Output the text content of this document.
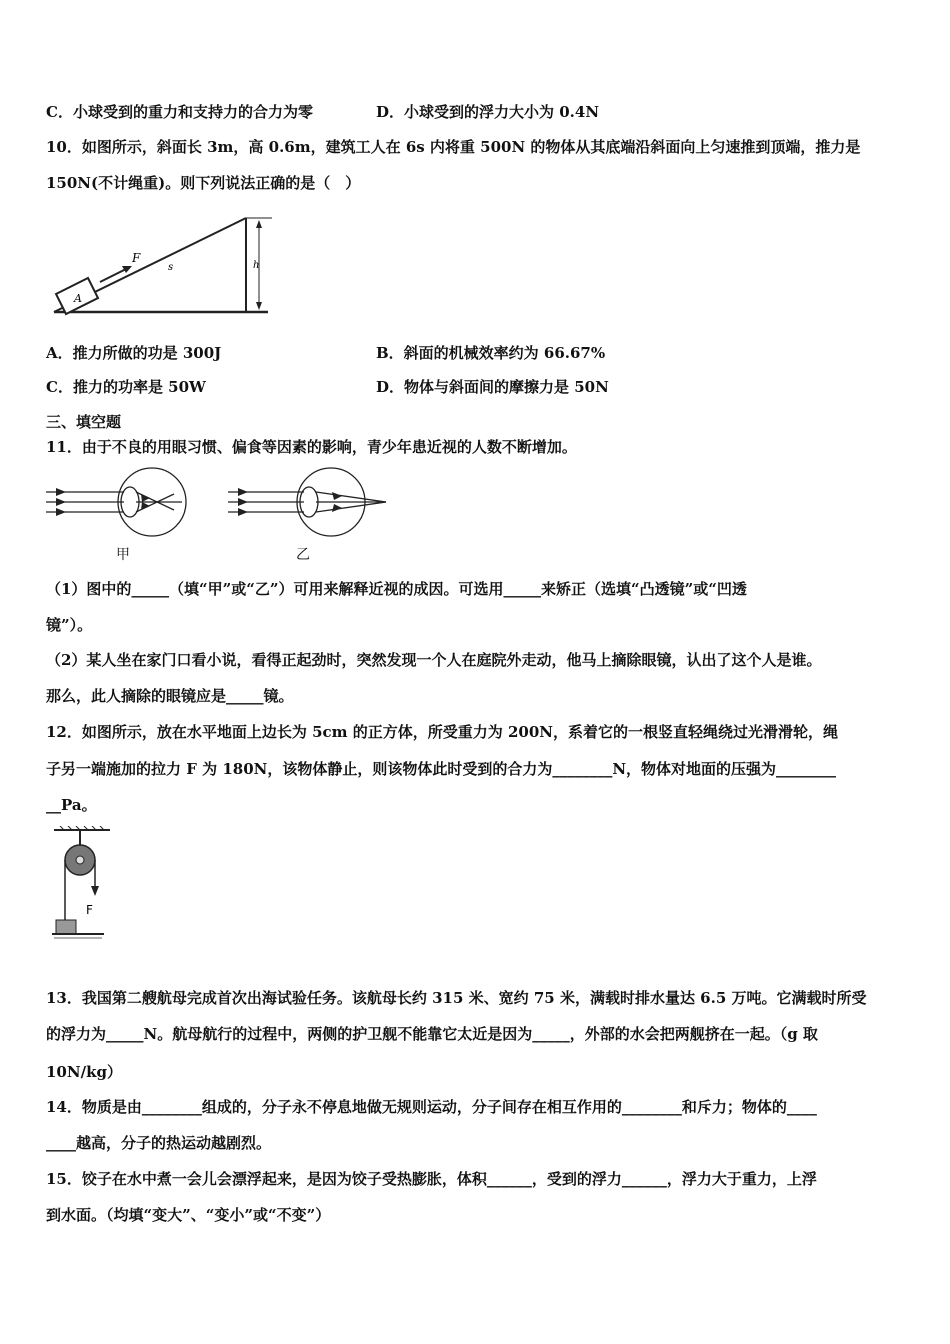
C．小球受到的重力和支持力的合力为零	D．小球受到的浮力大小为 0.4N
10．如图所示，斜面长 3m，高 0.6m，建筑工人在 6s 内将重 500N 的物体从其底端沿斜面向上匀速推到顶端，推力是
150N(不计绳重)。则下列说法正确的是（　）
A
F
s	h
A．推力所做的功是 300J	B．斜面的机械效率约为 66.67%
C．推力的功率是 50W	D．物体与斜面间的摩擦力是 50N
三、填空题
11．由于不良的用眼习惯、偏食等因素的影响，青少年患近视的人数不断增加。
甲	乙
（1）图中的_____（填“甲”或“乙”）可用来解释近视的成因。可选用_____来矫正（选填“凸透镜”或“凹透
镜”）。
（2）某人坐在家门口看小说，看得正起劲时，突然发现一个人在庭院外走动，他马上摘除眼镜，认出了这个人是谁。
那么，此人摘除的眼镜应是_____镜。
12．如图所示，放在水平地面上边长为 5cm 的正方体，所受重力为 200N，系着它的一根竖直轻绳绕过光滑滑轮，绳
子另一端施加的拉力 F 为 180N，该物体静止，则该物体此时受到的合力为________N，物体对地面的压强为________
__Pa。
F
13．我国第二艘航母完成首次出海试验任务。该航母长约 315 米、宽约 75 米，满载时排水量达 6.5 万吨。它满载时所受
的浮力为_____N。航母航行的过程中，两侧的护卫舰不能靠它太近是因为_____，外部的水会把两舰挤在一起。（g 取
10N/kg）
14．物质是由________组成的，分子永不停息地做无规则运动，分子间存在相互作用的________和斥力；物体的____
____越高，分子的热运动越剧烈。
15．饺子在水中煮一会儿会漂浮起来，是因为饺子受热膨胀，体积______，受到的浮力______，浮力大于重力，上浮
到水面。（均填“变大”、“变小”或“不变”）
